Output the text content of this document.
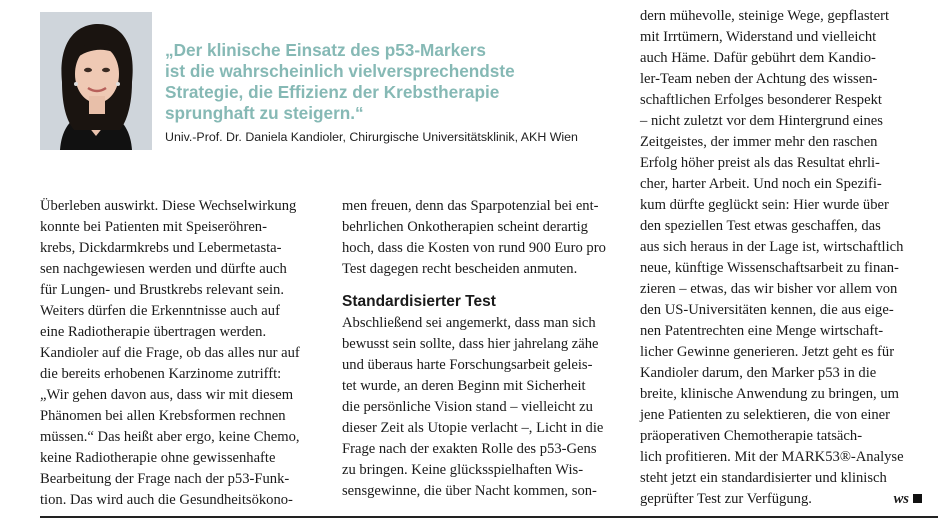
„Der klinische Einsatz des p53-Markers
ist die wahrscheinlich vielversprechendste
Strategie, die Effizienz der Krebstherapie
sprunghaft zu steigern.“

Univ.-Prof. Dr. Daniela Kandioler, Chirurgische Universitätsklinik, AKH Wien
Überleben auswirkt. Diese Wechselwirkung
konnte bei Patienten mit Speiseröhren-
krebs, Dickdarmkrebs und Lebermetasta-
sen nachgewiesen werden und dürfte auch
für Lungen- und Brustkrebs relevant sein.
Weiters dürfen die Erkenntnisse auch auf
eine Radiotherapie übertragen werden.
Kandioler auf die Frage, ob das alles nur auf
die bereits erhobenen Karzinome zutrifft:
„Wir gehen davon aus, dass wir mit diesem
Phänomen bei allen Krebsformen rechnen
müssen.“ Das heißt aber ergo, keine Chemo,
keine Radiotherapie ohne gewissenhafte
Bearbeitung der Frage nach der p53-Funk-
tion. Das wird auch die Gesundheitsökono-
men freuen, denn das Sparpotenzial bei ent-
behrlichen Onkotherapien scheint derartig
hoch, dass die Kosten von rund 900 Euro pro
Test dagegen recht bescheiden anmuten.
Standardisierter Test
Abschließend sei angemerkt, dass man sich
bewusst sein sollte, dass hier jahrelang zähe
und überaus harte Forschungsarbeit geleis-
tet wurde, an deren Beginn mit Sicherheit
die persönliche Vision stand – vielleicht zu
dieser Zeit als Utopie verlacht –, Licht in die
Frage nach der exakten Rolle des p53-Gens
zu bringen. Keine glücksspielhaften Wis-
sensgewinne, die über Nacht kommen, son-
dern mühevolle, steinige Wege, gepflastert
mit Irrtümern, Widerstand und vielleicht
auch Häme. Dafür gebührt dem Kandio-
ler-Team neben der Achtung des wissen-
schaftlichen Erfolges besonderer Respekt
– nicht zuletzt vor dem Hintergrund eines
Zeitgeistes, der immer mehr den raschen
Erfolg höher preist als das Resultat ehrli-
cher, harter Arbeit. Und noch ein Spezifi-
kum dürfte geglückt sein: Hier wurde über
den speziellen Test etwas geschaffen, das
aus sich heraus in der Lage ist, wirtschaftlich
neue, künftige Wissenschaftsarbeit zu finan-
zieren – etwas, das wir bisher vor allem von
den US-Universitäten kennen, die aus eige-
nen Patentrechten eine Menge wirtschaft-
licher Gewinne generieren. Jetzt geht es für
Kandioler darum, den Marker p53 in die
breite, klinische Anwendung zu bringen, um
jene Patienten zu selektieren, die von einer
präoperativen Chemotherapie tatsäch-
lich profitieren. Mit der MARK53®-Analyse
steht jetzt ein standardisierter und klinisch
geprüfter Test zur Verfügung.	ws
